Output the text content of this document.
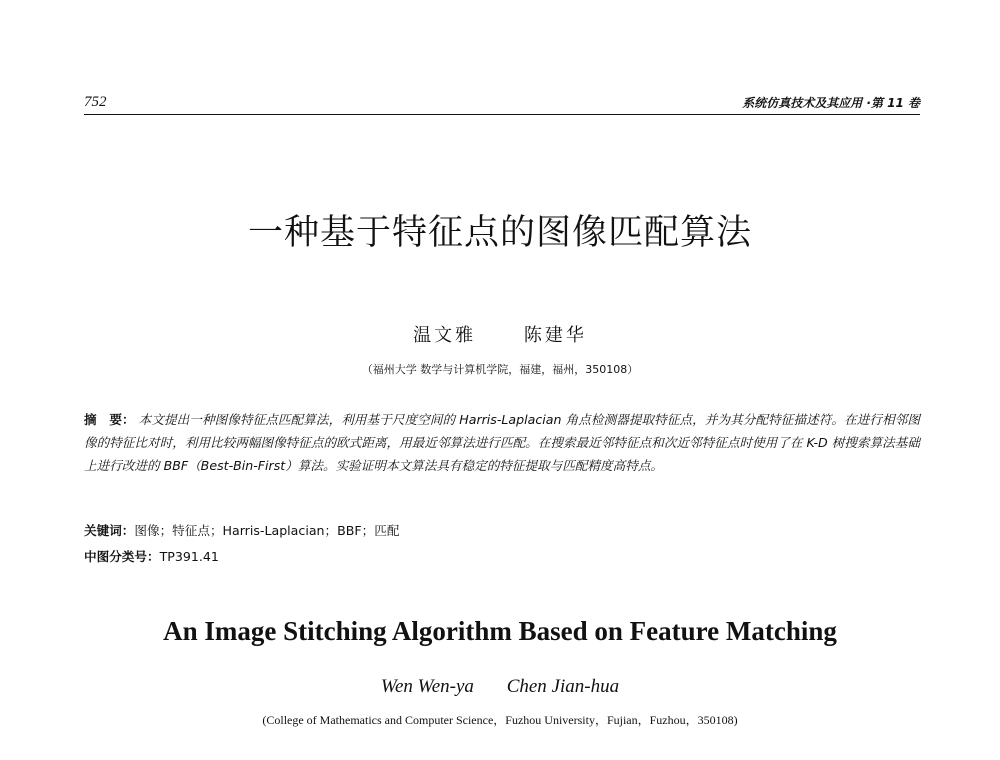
752	系统仿真技术及其应用 ·第 11 卷
一种基于特征点的图像匹配算法
温文雅	陈建华
（福州大学 数学与计算机学院，福建，福州，350108）
摘　要： 本文提出一种图像特征点匹配算法，利用基于尺度空间的 Harris-Laplacian 角点检测器提取特征点，并为其分配特征描述符。在进行相邻图像的特征比对时，利用比较两幅图像特征点的欧式距离，用最近邻算法进行匹配。在搜索最近邻特征点和次近邻特征点时使用了在 K-D 树搜索算法基础上进行改进的 BBF（Best-Bin-First）算法。实验证明本文算法具有稳定的特征提取与匹配精度高特点。
关键词：图像；特征点；Harris-Laplacian；BBF；匹配
中图分类号：TP391.41
An Image Stitching Algorithm Based on Feature Matching
Wen Wen-ya Chen Jian-hua
(College of Mathematics and Computer Science，Fuzhou University，Fujian，Fuzhou，350108)
